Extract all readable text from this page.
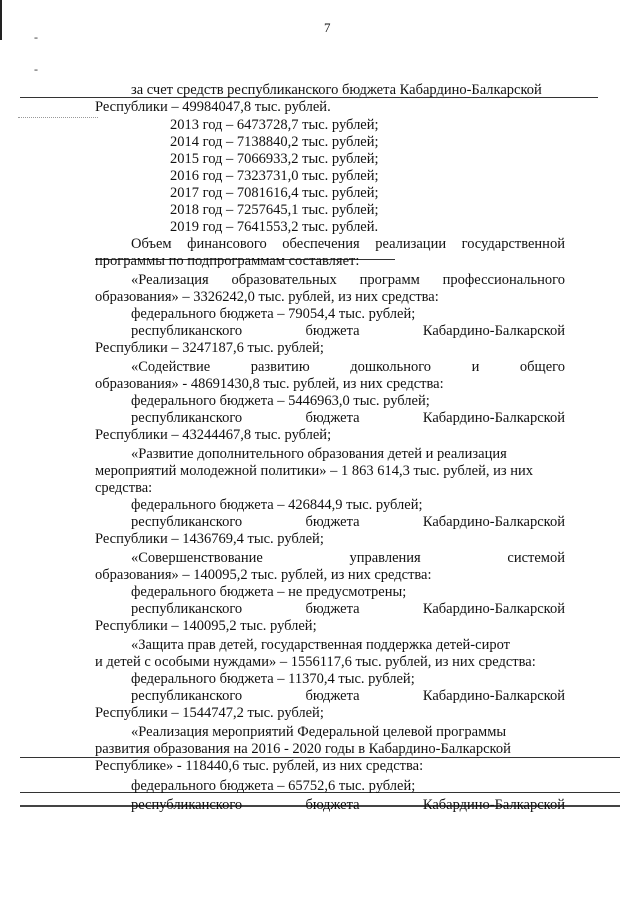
7
-
-
за счет средств республиканского бюджета Кабардино-Балкарской
Республики – 49984047,8 тыс. рублей.
2013 год – 6473728,7 тыс. рублей;
2014 год – 7138840,2 тыс. рублей;
2015 год – 7066933,2 тыс. рублей;
2016 год – 7323731,0 тыс. рублей;
2017 год – 7081616,4 тыс. рублей;
2018 год – 7257645,1 тыс. рублей;
2019 год – 7641553,2 тыс. рублей.
Объем финансового обеспечения реализации государственной
программы по подпрограммам составляет:
«Реализация образовательных программ профессионального
образования» – 3326242,0 тыс. рублей, из них средства:
федерального бюджета – 79054,4 тыс. рублей;
республиканского	бюджета	Кабардино-Балкарской
Республики – 3247187,6 тыс. рублей;
«Содействие	развитию	дошкольного	и	общего
образования» - 48691430,8 тыс. рублей, из них средства:
федерального бюджета – 5446963,0 тыс. рублей;
республиканского	бюджета	Кабардино-Балкарской
Республики – 43244467,8 тыс. рублей;
«Развитие дополнительного образования детей и реализация
мероприятий молодежной политики» – 1 863 614,3 тыс. рублей, из них
средства:
федерального бюджета – 426844,9 тыс. рублей;
республиканского	бюджета	Кабардино-Балкарской
Республики – 1436769,4 тыс. рублей;
«Совершенствование	управления	системой
образования» – 140095,2 тыс. рублей, из них средства:
федерального бюджета – не предусмотрены;
республиканского	бюджета	Кабардино-Балкарской
Республики – 140095,2 тыс. рублей;
«Защита прав детей, государственная поддержка детей-сирот
и детей с особыми нуждами» – 1556117,6 тыс. рублей, из них средства:
федерального бюджета – 11370,4 тыс. рублей;
республиканского	бюджета	Кабардино-Балкарской
Республики – 1544747,2 тыс. рублей;
«Реализация мероприятий Федеральной целевой программы
развития образования на 2016 - 2020 годы в Кабардино-Балкарской
Республике» - 118440,6 тыс. рублей, из них средства:
федерального бюджета – 65752,6 тыс. рублей;
республиканского	бюджета	Кабардино-Балкарской
